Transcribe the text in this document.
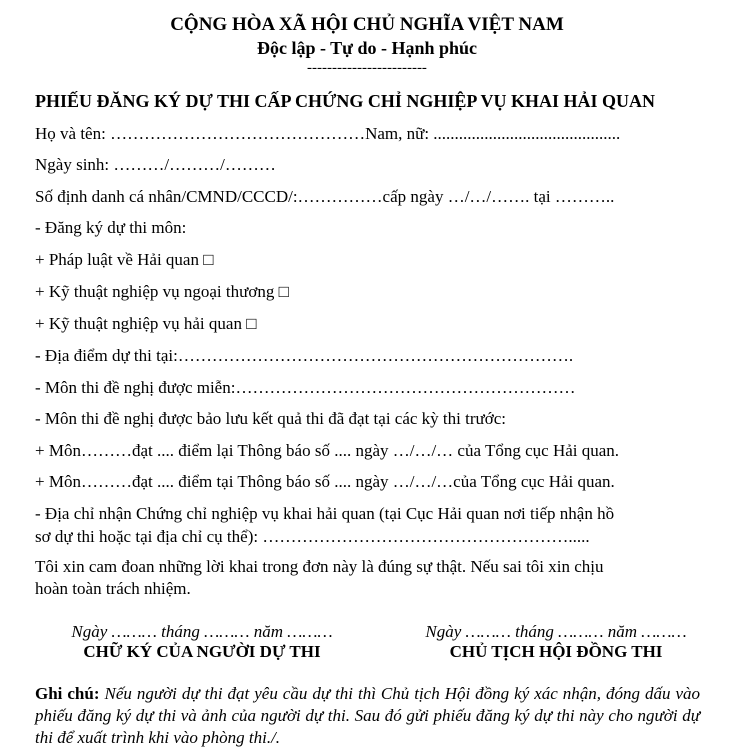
CỘNG HÒA XÃ HỘI CHỦ NGHĨA VIỆT NAM
Độc lập - Tự do - Hạnh phúc
------------------------
PHIẾU ĐĂNG KÝ DỰ THI CẤP CHỨNG CHỈ NGHIỆP VỤ KHAI HẢI QUAN
Họ và tên: ………………………………………Nam, nữ: ............................................
Ngày sinh: ………/………/………
Số định danh cá nhân/CMND/CCCD/:……………cấp ngày …/…/……. tại ………..
- Đăng ký dự thi môn:
+ Pháp luật về Hải quan □
+ Kỹ thuật nghiệp vụ ngoại thương □
+ Kỹ thuật nghiệp vụ hải quan □
- Địa điểm dự thi tại:…………………………………………………………….
- Môn thi đề nghị được miễn:……………………………………………………
- Môn thi đề nghị được bảo lưu kết quả thi đã đạt tại các kỳ thi trước:
+ Môn………đạt .... điểm lại Thông báo số .... ngày …/…/… của Tổng cục Hải quan.
+ Môn………đạt .... điểm tại Thông báo số .... ngày …/…/…của Tổng cục Hải quan.
- Địa chỉ nhận Chứng chỉ nghiệp vụ khai hải quan (tại Cục Hải quan nơi tiếp nhận hồ
sơ dự thi hoặc tại địa chỉ cụ thể): ……………………………………………….....
Tôi xin cam đoan những lời khai trong đơn này là đúng sự thật. Nếu sai tôi xin chịu
hoàn toàn trách nhiệm.
Ngày ……… tháng ……… năm ………
CHỮ KÝ CỦA NGƯỜI DỰ THI
Ngày ……… tháng ……… năm ………
CHỦ TỊCH HỘI ĐỒNG THI
Ghi chú: Nếu người dự thi đạt yêu cầu dự thi thì Chủ tịch Hội đồng ký xác nhận, đóng dấu vào phiếu đăng ký dự thi và ảnh của người dự thi. Sau đó gửi phiếu đăng ký dự thi này cho người dự thi để xuất trình khi vào phòng thi./.
